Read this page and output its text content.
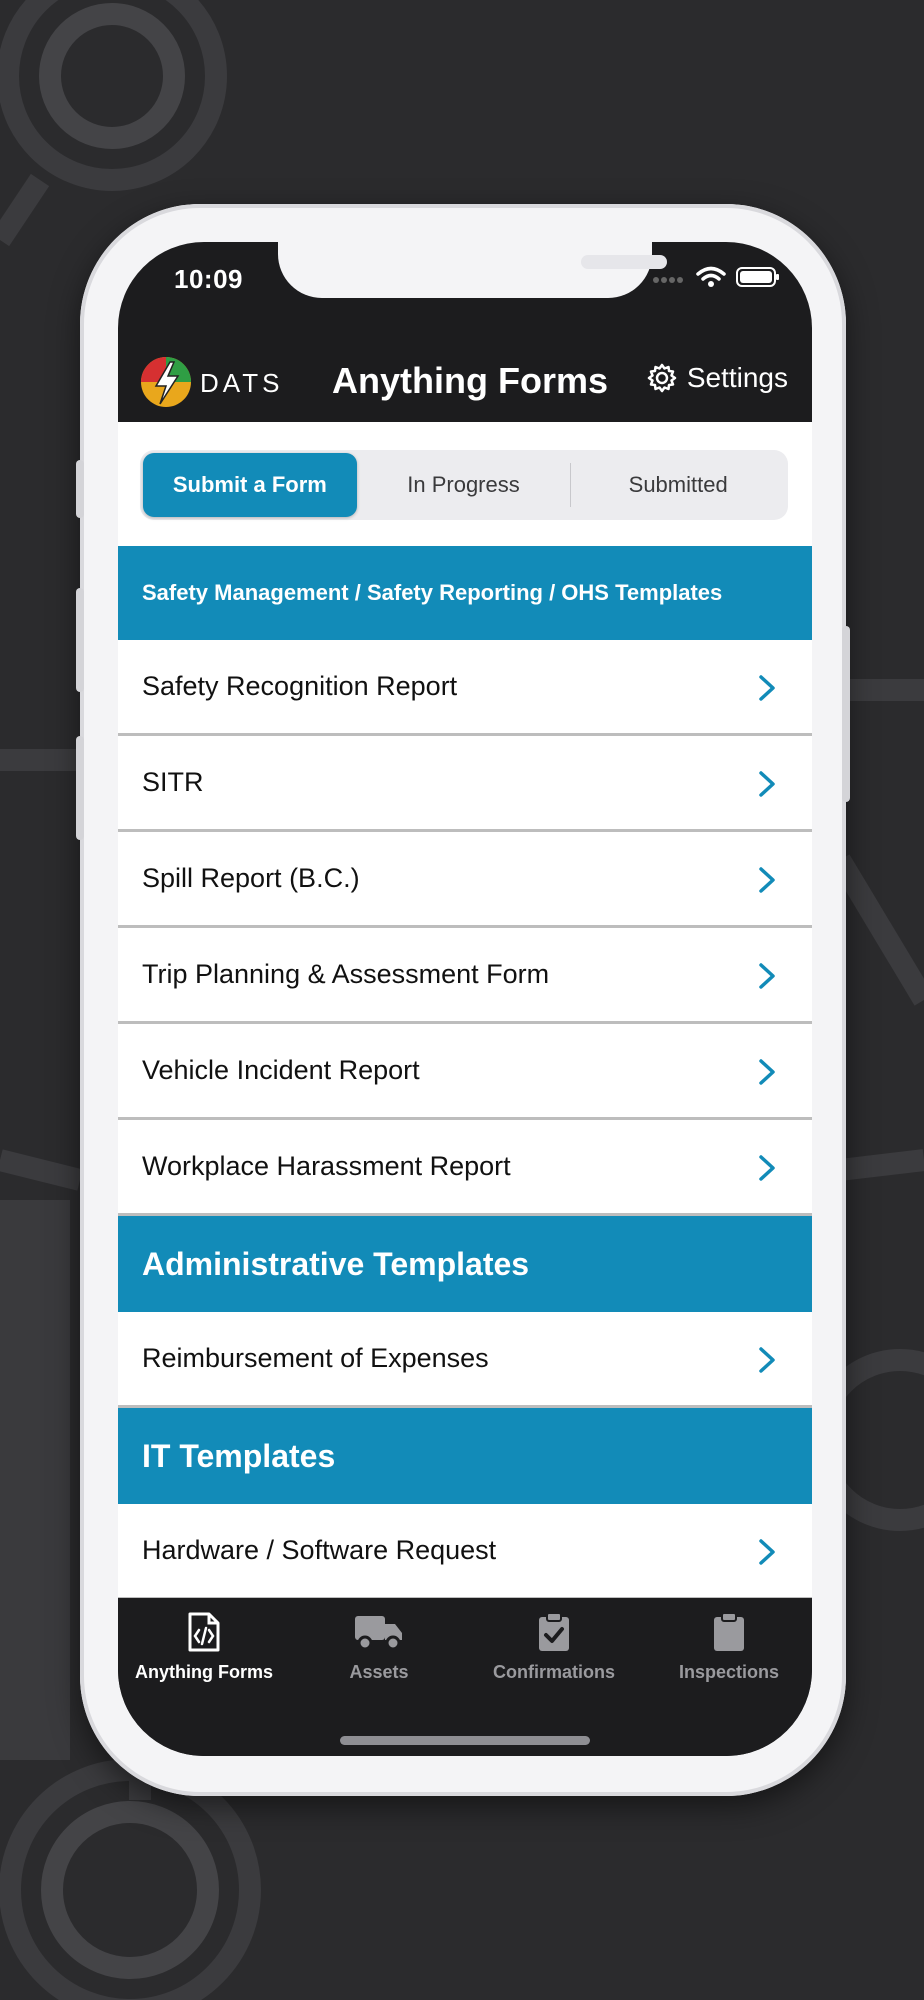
10:09
DATS Anything Forms	Settings
Submit a Form	In Progress	Submitted
Safety Management / Safety Reporting / OHS Templates
Safety Recognition Report
SITR
Spill Report (B.C.)
Trip Planning & Assessment Form
Vehicle Incident Report
Workplace Harassment Report
Administrative Templates
Reimbursement of Expenses
IT Templates
Hardware / Software Request
Anything Forms	Assets	Confirmations	Inspections
